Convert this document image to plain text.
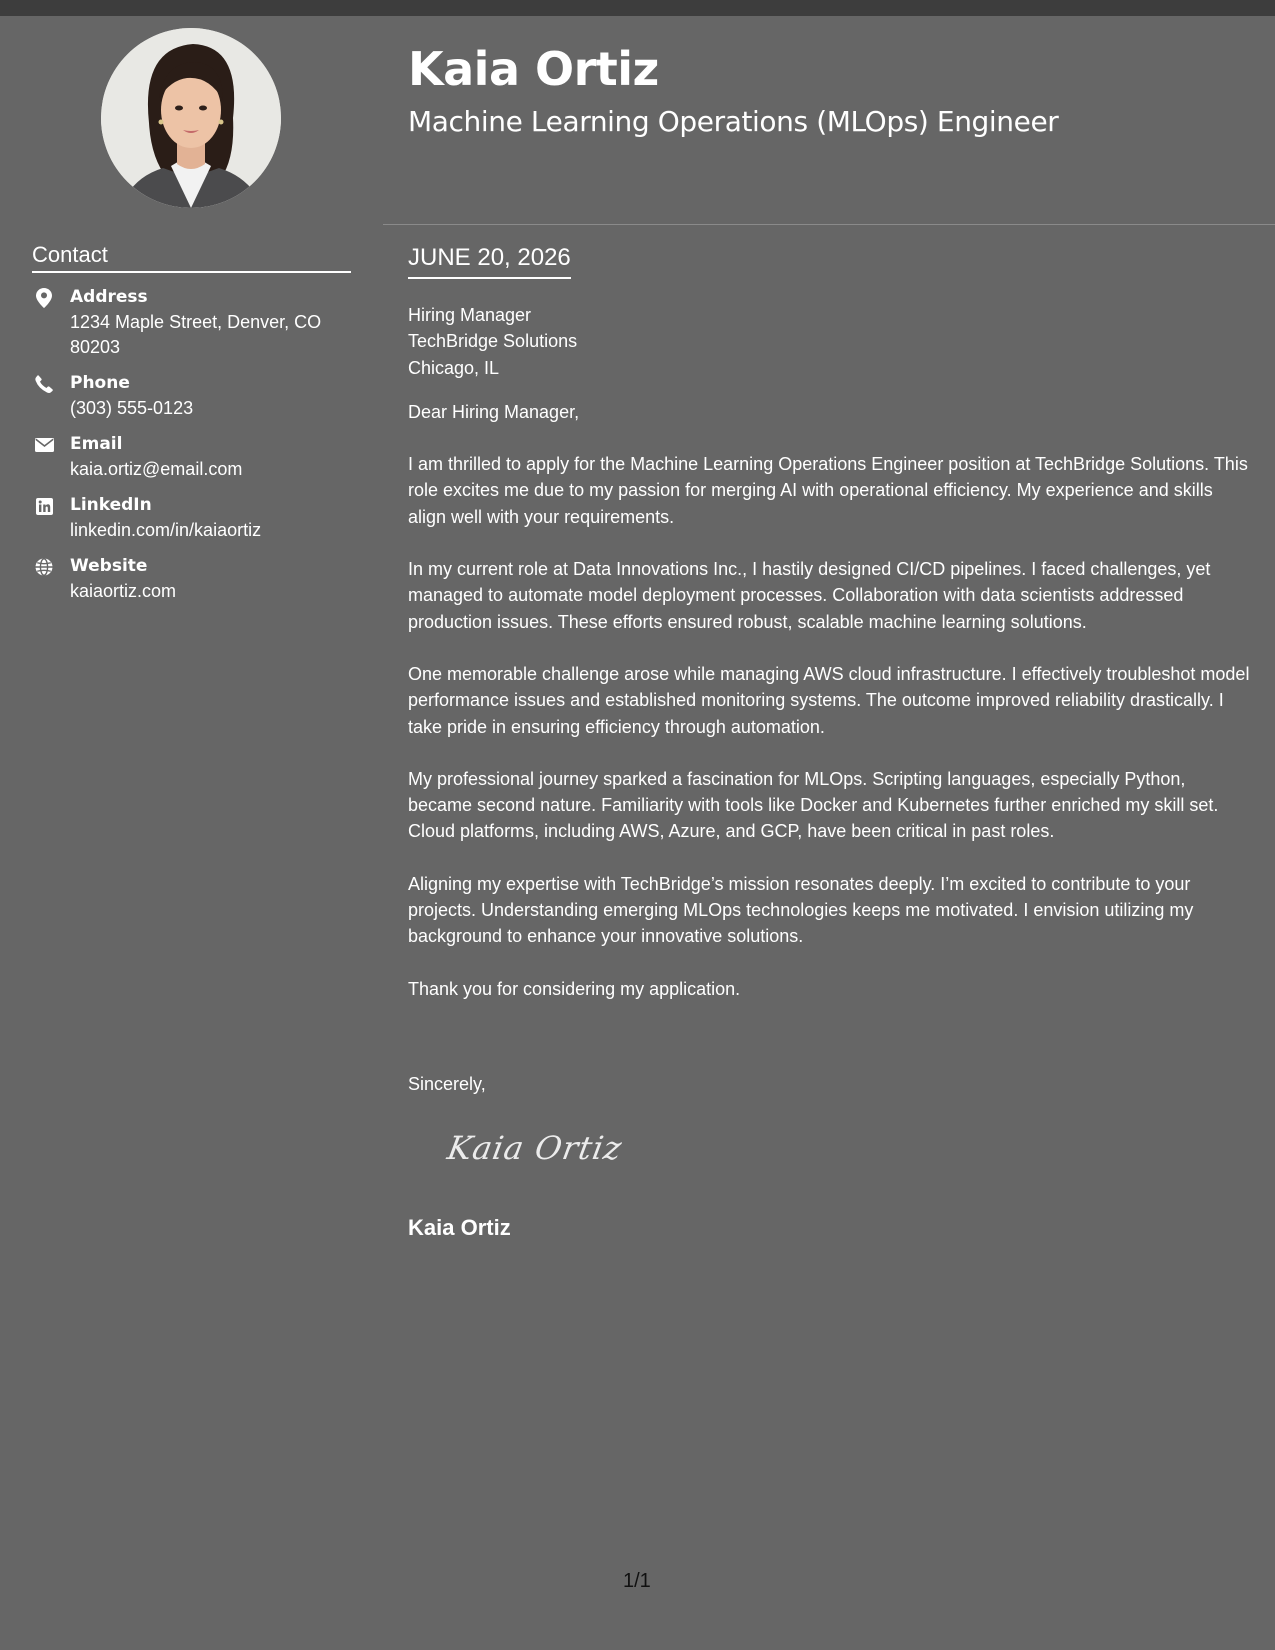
Contact
Address
1234 Maple Street, Denver, CO 80203
Phone
(303) 555-0123
Email
kaia.ortiz@email.com
LinkedIn
linkedin.com/in/kaiaortiz
Website
kaiaortiz.com
Kaia Ortiz
Machine Learning Operations (MLOps) Engineer
JUNE 20, 2026
Hiring Manager
TechBridge Solutions
Chicago, IL
Dear Hiring Manager,

I am thrilled to apply for the Machine Learning Operations Engineer position at TechBridge Solutions. This role excites me due to my passion for merging AI with operational efficiency. My experience and skills align well with your requirements.

In my current role at Data Innovations Inc., I hastily designed CI/CD pipelines. I faced challenges, yet managed to automate model deployment processes. Collaboration with data scientists addressed production issues. These efforts ensured robust, scalable machine learning solutions.

One memorable challenge arose while managing AWS cloud infrastructure. I effectively troubleshot model performance issues and established monitoring systems. The outcome improved reliability drastically. I take pride in ensuring efficiency through automation.

My professional journey sparked a fascination for MLOps. Scripting languages, especially Python, became second nature. Familiarity with tools like Docker and Kubernetes further enriched my skill set. Cloud platforms, including AWS, Azure, and GCP, have been critical in past roles.

Aligning my expertise with TechBridge’s mission resonates deeply. I’m excited to contribute to your projects. Understanding emerging MLOps technologies keeps me motivated. I envision utilizing my background to enhance your innovative solutions.

Thank you for considering my application.

Sincerely,
Kaia Ortiz
Kaia Ortiz
1/1
